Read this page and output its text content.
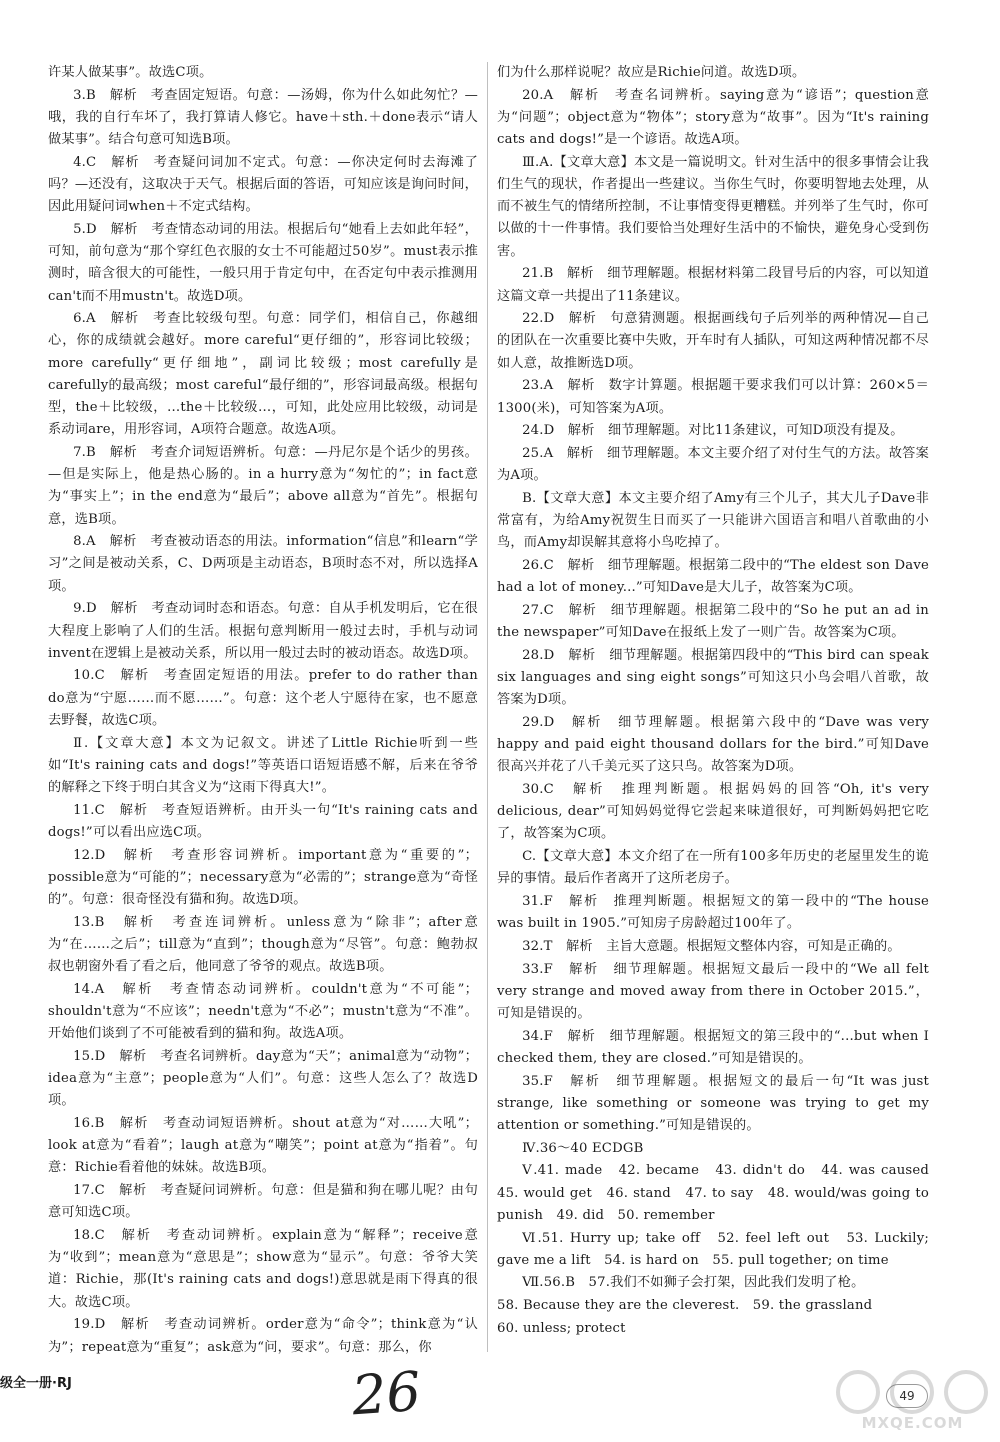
许某人做某事”。故选C项。

3.B　解析　考查固定短语。句意：—汤姆，你为什么如此匆忙？—哦，我的自行车坏了，我打算请人修它。have＋sth.＋done表示“请人做某事”。结合句意可知选B项。

4.C　解析　考查疑问词加不定式。句意：—你决定何时去海滩了吗？—还没有，这取决于天气。根据后面的答语，可知应该是询问时间，因此用疑问词when＋不定式结构。

5.D　解析　考查情态动词的用法。根据后句“她看上去如此年轻”，可知，前句意为“那个穿红色衣服的女士不可能超过50岁”。must表示推测时，暗含很大的可能性，一般只用于肯定句中，在否定句中表示推测用can't而不用mustn't。故选D项。

6.A　解析　考查比较级句型。句意：同学们，相信自己，你越细心，你的成绩就会越好。more careful“更仔细的”，形容词比较级；more carefully“更仔细地”，副词比较级；most carefully是carefully的最高级；most careful“最仔细的”，形容词最高级。根据句型，the＋比较级，…the＋比较级…，可知，此处应用比较级，动词是系动词are，用形容词，A项符合题意。故选A项。

7.B　解析　考查介词短语辨析。句意：—丹尼尔是个话少的男孩。—但是实际上，他是热心肠的。in a hurry意为“匆忙的”；in fact意为“事实上”；in the end意为“最后”；above all意为“首先”。根据句意，选B项。

8.A　解析　考查被动语态的用法。information“信息”和learn“学习”之间是被动关系，C、D两项是主动语态，B项时态不对，所以选择A项。

9.D　解析　考查动词时态和语态。句意：自从手机发明后，它在很大程度上影响了人们的生活。根据句意判断用一般过去时，手机与动词invent在逻辑上是被动关系，所以用一般过去时的被动语态。故选D项。

10.C　解析　考查固定短语的用法。prefer to do rather than do意为“宁愿……而不愿……”。句意：这个老人宁愿待在家，也不愿意去野餐，故选C项。

Ⅱ.【文章大意】本文为记叙文。讲述了Little Richie听到一些如“It's raining cats and dogs!”等英语口语短语感不解，后来在爷爷的解释之下终于明白其含义为“这雨下得真大!”。

11.C　解析　考查短语辨析。由开头一句“It's raining cats and dogs!”可以看出应选C项。

12.D　解析　考查形容词辨析。important意为“重要的”；possible意为“可能的”；necessary意为“必需的”；strange意为“奇怪的”。句意：很奇怪没有猫和狗。故选D项。

13.B　解析　考查连词辨析。unless意为“除非”；after意为“在……之后”；till意为“直到”；though意为“尽管”。句意：鲍勃叔叔也朝窗外看了看之后，他同意了爷爷的观点。故选B项。

14.A　解析　考查情态动词辨析。couldn't意为“不可能”；shouldn't意为“不应该”；needn't意为“不必”；mustn't意为“不准”。开始他们谈到了不可能被看到的猫和狗。故选A项。

15.D　解析　考查名词辨析。day意为“天”；animal意为“动物”；idea意为“主意”；people意为“人们”。句意：这些人怎么了？故选D项。

16.B　解析　考查动词短语辨析。shout at意为“对……大吼”；look at意为“看着”；laugh at意为“嘲笑”；point at意为“指着”。句意：Richie看着他的妹妹。故选B项。

17.C　解析　考查疑问词辨析。句意：但是猫和狗在哪儿呢？由句意可知选C项。

18.C　解析　考查动词辨析。explain意为“解释”；receive意为“收到”；mean意为“意思是”；show意为“显示”。句意：爷爷大笑道：Richie，那(It's raining cats and dogs!)意思就是雨下得真的很大。故选C项。

19.D　解析　考查动词辨析。order意为“命令”；think意为“认为”；repeat意为“重复”；ask意为“问，要求”。句意：那么，你

们为什么那样说呢？故应是Richie问道。故选D项。

20.A　解析　考查名词辨析。saying意为“谚语”；question意为“问题”；object意为“物体”；story意为“故事”。因为“It's raining cats and dogs!”是一个谚语。故选A项。

Ⅲ.A.【文章大意】本文是一篇说明文。针对生活中的很多事情会让我们生气的现状，作者提出一些建议。当你生气时，你要明智地去处理，从而不被生气的情绪所控制，不让事情变得更糟糕。并列举了生气时，你可以做的十一件事情。我们要恰当处理好生活中的不愉快，避免身心受到伤害。

21.B　解析　细节理解题。根据材料第二段冒号后的内容，可以知道这篇文章一共提出了11条建议。

22.D　解析　句意猜测题。根据画线句子后列举的两种情况—自己的团队在一次重要比赛中失败，开车时有人插队，可知这两种情况都不尽如人意，故推断选D项。

23.A　解析　数字计算题。根据题干要求我们可以计算：260×5＝1300(米)，可知答案为A项。

24.D　解析　细节理解题。对比11条建议，可知D项没有提及。

25.A　解析　细节理解题。本文主要介绍了对付生气的方法。故答案为A项。

B.【文章大意】本文主要介绍了Amy有三个儿子，其大儿子Dave非常富有，为给Amy祝贺生日而买了一只能讲六国语言和唱八首歌曲的小鸟，而Amy却误解其意将小鸟吃掉了。

26.C　解析　细节理解题。根据第二段中的“The eldest son Dave had a lot of money...”可知Dave是大儿子，故答案为C项。

27.C　解析　细节理解题。根据第二段中的“So he put an ad in the newspaper”可知Dave在报纸上发了一则广告。故答案为C项。

28.D　解析　细节理解题。根据第四段中的“This bird can speak six languages and sing eight songs”可知这只小鸟会唱八首歌，故答案为D项。

29.D　解析　细节理解题。根据第六段中的“Dave was very happy and paid eight thousand dollars for the bird.”可知Dave很高兴并花了八千美元买了这只鸟。故答案为D项。

30.C　解析　推理判断题。根据妈妈的回答“Oh, it's very delicious, dear”可知妈妈觉得它尝起来味道很好，可判断妈妈把它吃了，故答案为C项。

C.【文章大意】本文介绍了在一所有100多年历史的老屋里发生的诡异的事情。最后作者离开了这所老房子。

31.F　解析　推理判断题。根据短文的第一段中的“The house was built in 1905.”可知房子房龄超过100年了。

32.T　解析　主旨大意题。根据短文整体内容，可知是正确的。

33.F　解析　细节理解题。根据短文最后一段中的“We all felt very strange and moved away from there in October 2015.”，可知是错误的。

34.F　解析　细节理解题。根据短文的第三段中的“...but when I checked them, they are closed.”可知是错误的。

35.F　解析　细节理解题。根据短文的最后一句“It was just strange, like something or someone was trying to get my attention or something.”可知是错误的。

Ⅳ.36～40 ECDGB

Ⅴ.41. made　42. became　43. didn't do　44. was caused　45. would get　46. stand　47. to say　48. would/was going to punish　49. did　50. remember

Ⅵ.51. Hurry up; take off　52. feel left out　53. Luckily; gave me a lift　54. is hard on　55. pull together; on time

Ⅶ.56.B　57.我们不如狮子会打架，因此我们发明了枪。

58. Because they are the cleverest.　59. the grassland

60. unless; protect

级全一册·RJ	26	49
MXQE.COM
